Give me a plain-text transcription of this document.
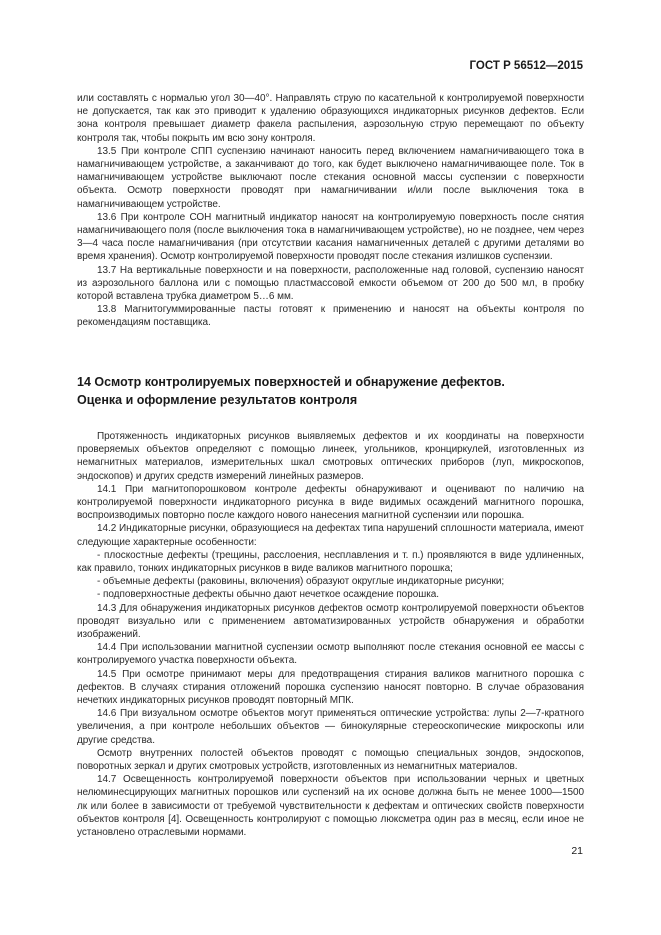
ГОСТ Р 56512—2015

или составлять с нормалью угол 30—40°. Направлять струю по касательной к контролируемой поверхности не допускается, так как это приводит к удалению образующихся индикаторных рисунков дефектов. Если зона контроля превышает диаметр факела распыления, аэрозольную струю перемещают по объекту контроля так, чтобы покрыть им всю зону контроля.

13.5 При контроле СПП суспензию начинают наносить перед включением намагничивающего тока в намагничивающем устройстве, а заканчивают до того, как будет выключено намагничивающее поле. Ток в намагничивающем устройстве выключают после стекания основной массы суспензии с поверхности объекта. Осмотр поверхности проводят при намагничивании и/или после выключения тока в намагничивающем устройстве.

13.6 При контроле СОН магнитный индикатор наносят на контролируемую поверхность после снятия намагничивающего поля (после выключения тока в намагничивающем устройстве), но не позднее, чем через 3—4 часа после намагничивания (при отсутствии касания намагниченных деталей с другими деталями во время хранения). Осмотр контролируемой поверхности проводят после стекания излишков суспензии.

13.7 На вертикальные поверхности и на поверхности, расположенные над головой, суспензию наносят из аэрозольного баллона или с помощью пластмассовой емкости объемом от 200 до 500 мл, в пробку которой вставлена трубка диаметром 5…6 мм.

13.8 Магнитогуммированные пасты готовят к применению и наносят на объекты контроля по рекомендациям поставщика.

14 Осмотр контролируемых поверхностей и обнаружение дефектов.
Оценка и оформление результатов контроля

Протяженность индикаторных рисунков выявляемых дефектов и их координаты на поверхности проверяемых объектов определяют с помощью линеек, угольников, кронциркулей, изготовленных из немагнитных материалов, измерительных шкал смотровых оптических приборов (луп, микроскопов, эндоскопов) и других средств измерений линейных размеров.

14.1 При магнитопорошковом контроле дефекты обнаруживают и оценивают по наличию на контролируемой поверхности индикаторного рисунка в виде видимых осаждений магнитного порошка, воспроизводимых повторно после каждого нового нанесения магнитной суспензии или порошка.

14.2 Индикаторные рисунки, образующиеся на дефектах типа нарушений сплошности материала, имеют следующие характерные особенности:

- плоскостные дефекты (трещины, расслоения, несплавления и т. п.) проявляются в виде удлиненных, как правило, тонких индикаторных рисунков в виде валиков магнитного порошка;

- объемные дефекты (раковины, включения) образуют округлые индикаторные рисунки;

- подповерхностные дефекты обычно дают нечеткое осаждение порошка.

14.3 Для обнаружения индикаторных рисунков дефектов осмотр контролируемой поверхности объектов проводят визуально или с применением автоматизированных устройств обнаружения и обработки изображений.

14.4 При использовании магнитной суспензии осмотр выполняют после стекания основной ее массы с контролируемого участка поверхности объекта.

14.5 При осмотре принимают меры для предотвращения стирания валиков магнитного порошка с дефектов. В случаях стирания отложений порошка суспензию наносят повторно. В случае образования нечетких индикаторных рисунков проводят повторный МПК.

14.6 При визуальном осмотре объектов могут применяться оптические устройства: лупы 2—7-кратного увеличения, а при контроле небольших объектов — бинокулярные стереоскопические микроскопы или другие средства.

Осмотр внутренних полостей объектов проводят с помощью специальных зондов, эндоскопов, поворотных зеркал и других смотровых устройств, изготовленных из немагнитных материалов.

14.7 Освещенность контролируемой поверхности объектов при использовании черных и цветных нелюминесцирующих магнитных порошков или суспензий на их основе должна быть не менее 1000—1500 лк или более в зависимости от требуемой чувствительности к дефектам и оптических свойств поверхности объектов контроля [4]. Освещенность контролируют с помощью люксметра один раз в месяц, если иное не установлено отраслевыми нормами.

21
